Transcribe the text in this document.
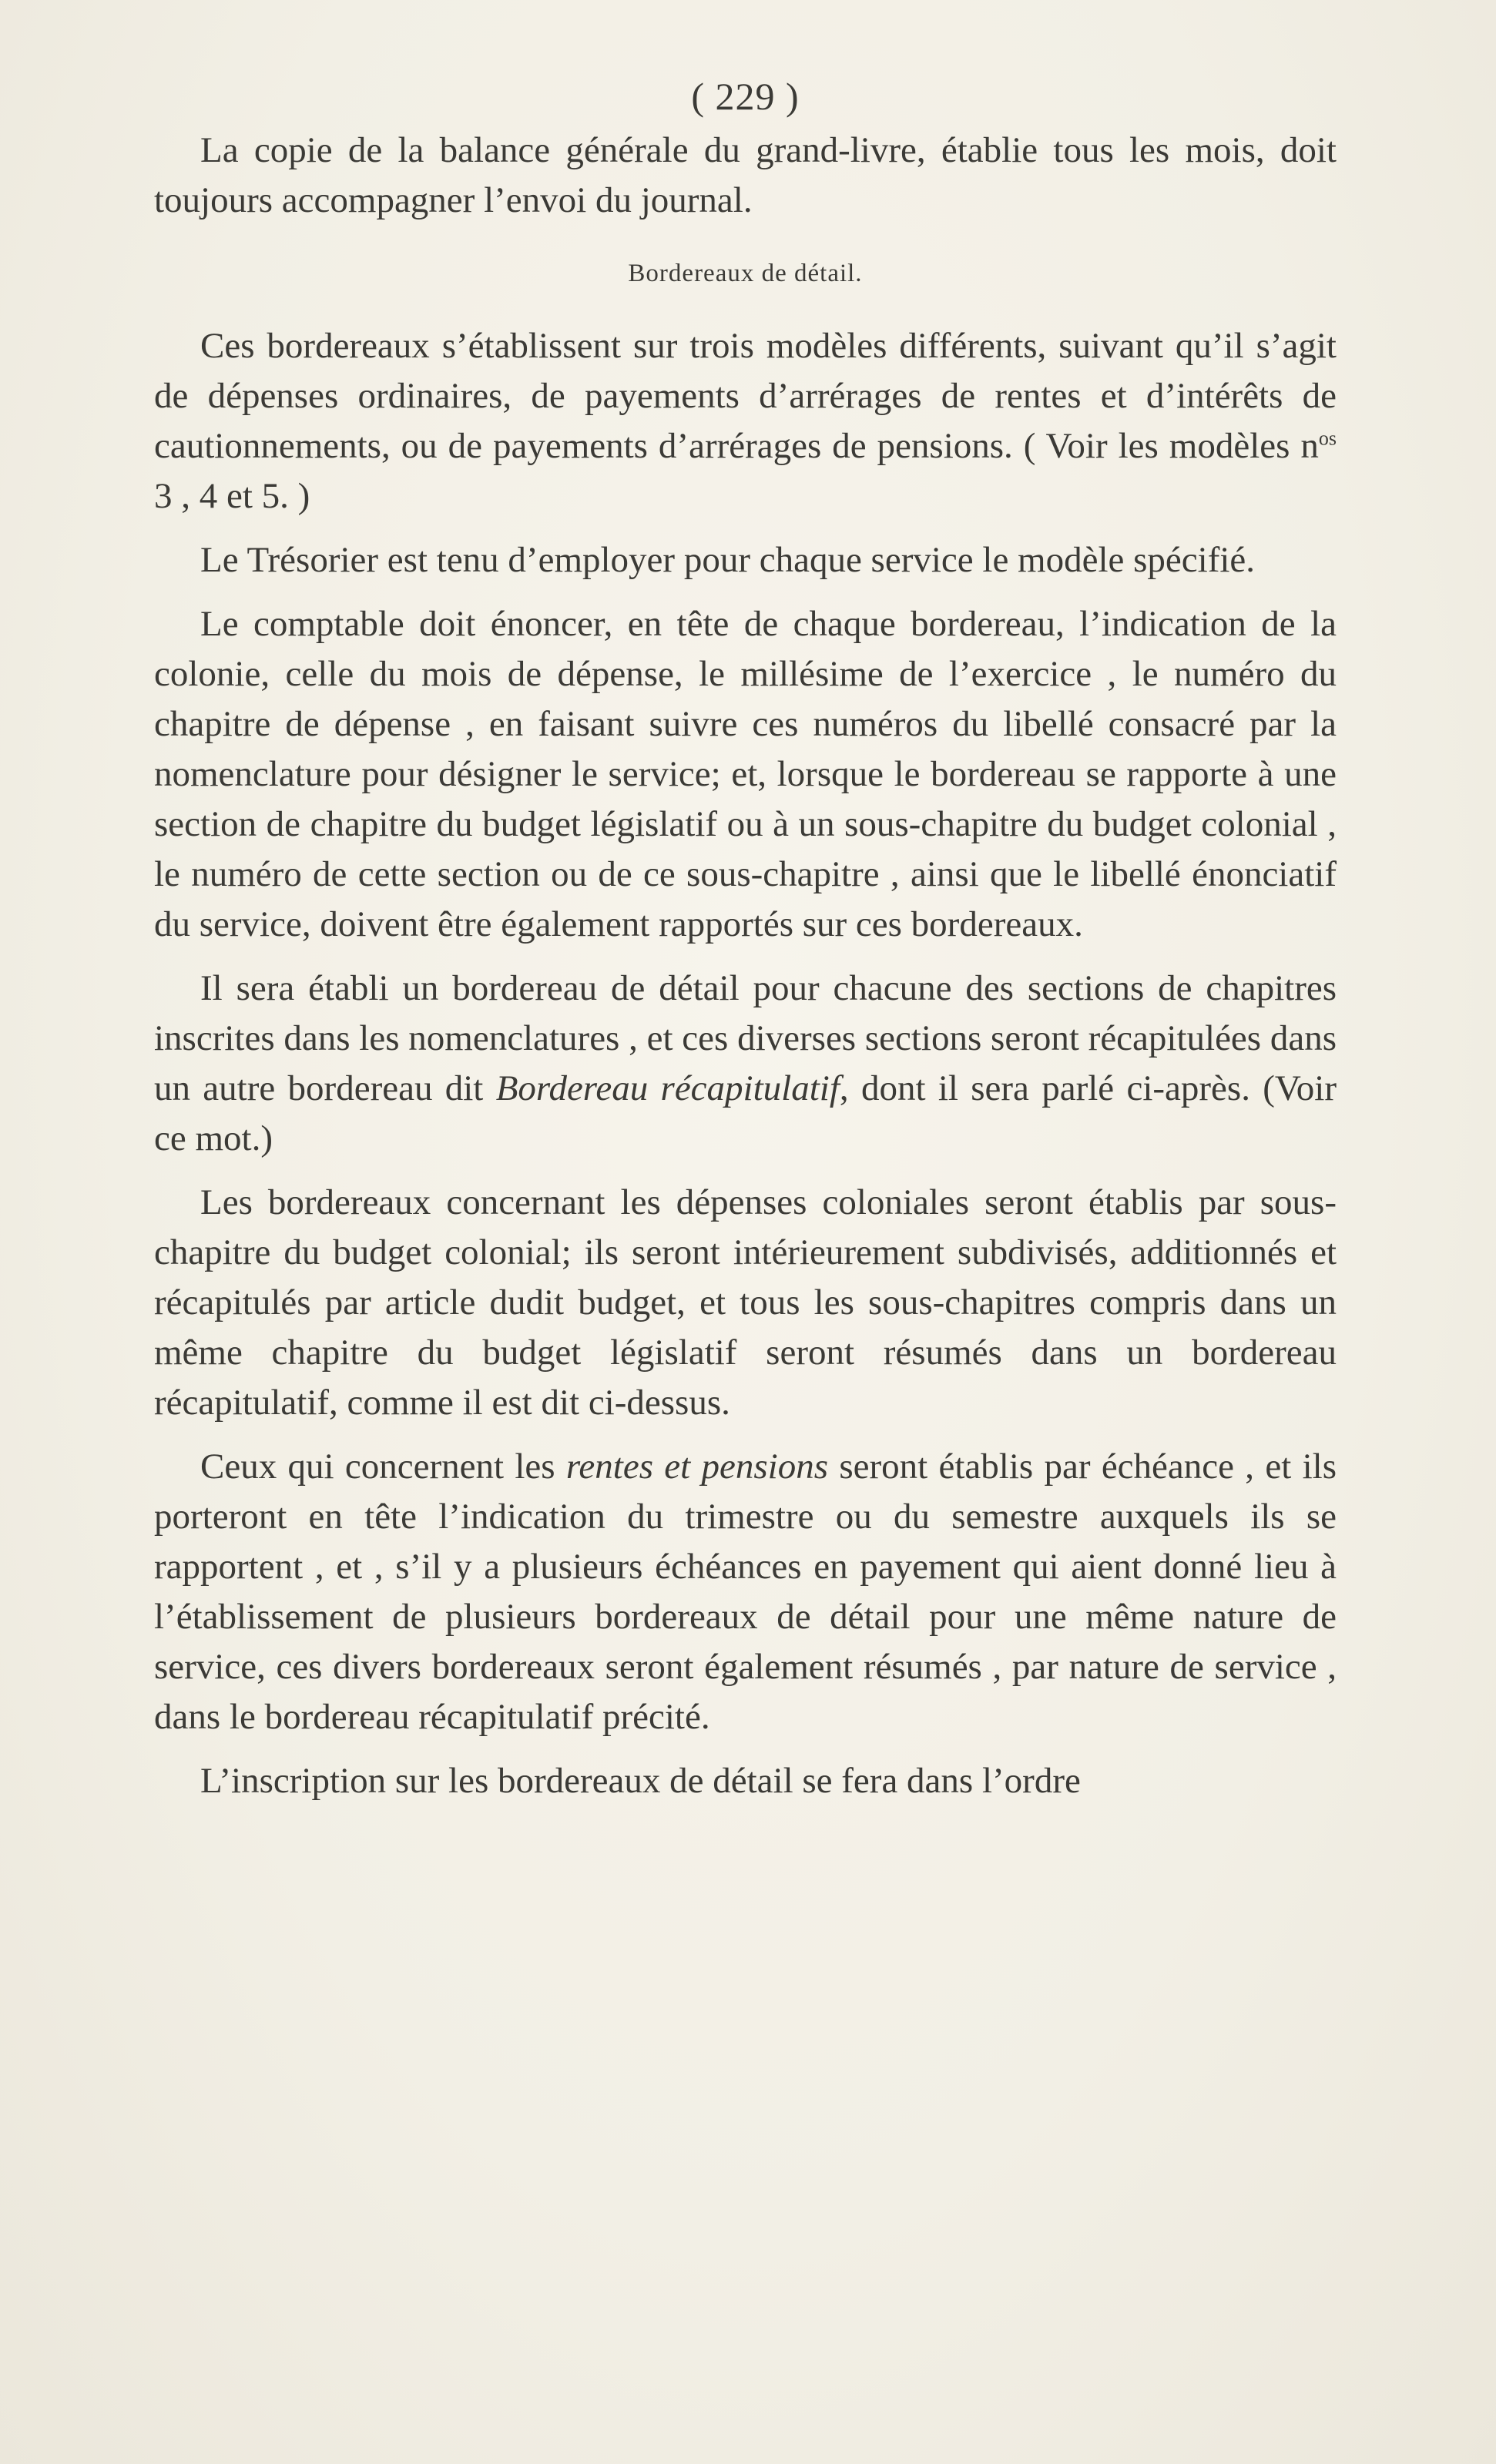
( 229 )

La copie de la balance générale du grand-livre, établie tous les mois, doit toujours accompagner l’envoi du journal.

Bordereaux de détail.

Ces bordereaux s’établissent sur trois modèles différents, suivant qu’il s’agit de dépenses ordinaires, de payements d’arrérages de rentes et d’intérêts de cautionnements, ou de payements d’arrérages de pensions. ( Voir les modèles $n^{os}$ 3 , 4 et 5. )

Le Trésorier est tenu d’employer pour chaque service le modèle spécifié.

Le comptable doit énoncer, en tête de chaque bordereau, l’indication de la colonie, celle du mois de dépense, le millésime de l’exercice , le numéro du chapitre de dépense , en faisant suivre ces numéros du libellé consacré par la nomenclature pour désigner le service; et, lorsque le bordereau se rapporte à une section de chapitre du budget législatif ou à un sous-chapitre du budget colonial , le numéro de cette section ou de ce sous-chapitre , ainsi que le libellé énonciatif du service, doivent être également rapportés sur ces bordereaux.

Il sera établi un bordereau de détail pour chacune des sections de chapitres inscrites dans les nomenclatures , et ces diverses sections seront récapitulées dans un autre bordereau dit Bordereau récapitulatif, dont il sera parlé ci-après. (Voir ce mot.)

Les bordereaux concernant les dépenses coloniales seront établis par sous-chapitre du budget colonial; ils seront intérieurement subdivisés, additionnés et récapitulés par article dudit budget, et tous les sous-chapitres compris dans un même chapitre du budget législatif seront résumés dans un bordereau récapitulatif, comme il est dit ci-dessus.

Ceux qui concernent les rentes et pensions seront établis par échéance , et ils porteront en tête l’indication du trimestre ou du semestre auxquels ils se rapportent , et , s’il y a plusieurs échéances en payement qui aient donné lieu à l’établissement de plusieurs bordereaux de détail pour une même nature de service, ces divers bordereaux seront également résumés , par nature de service , dans le bordereau récapitulatif précité.

L’inscription sur les bordereaux de détail se fera dans l’ordre
